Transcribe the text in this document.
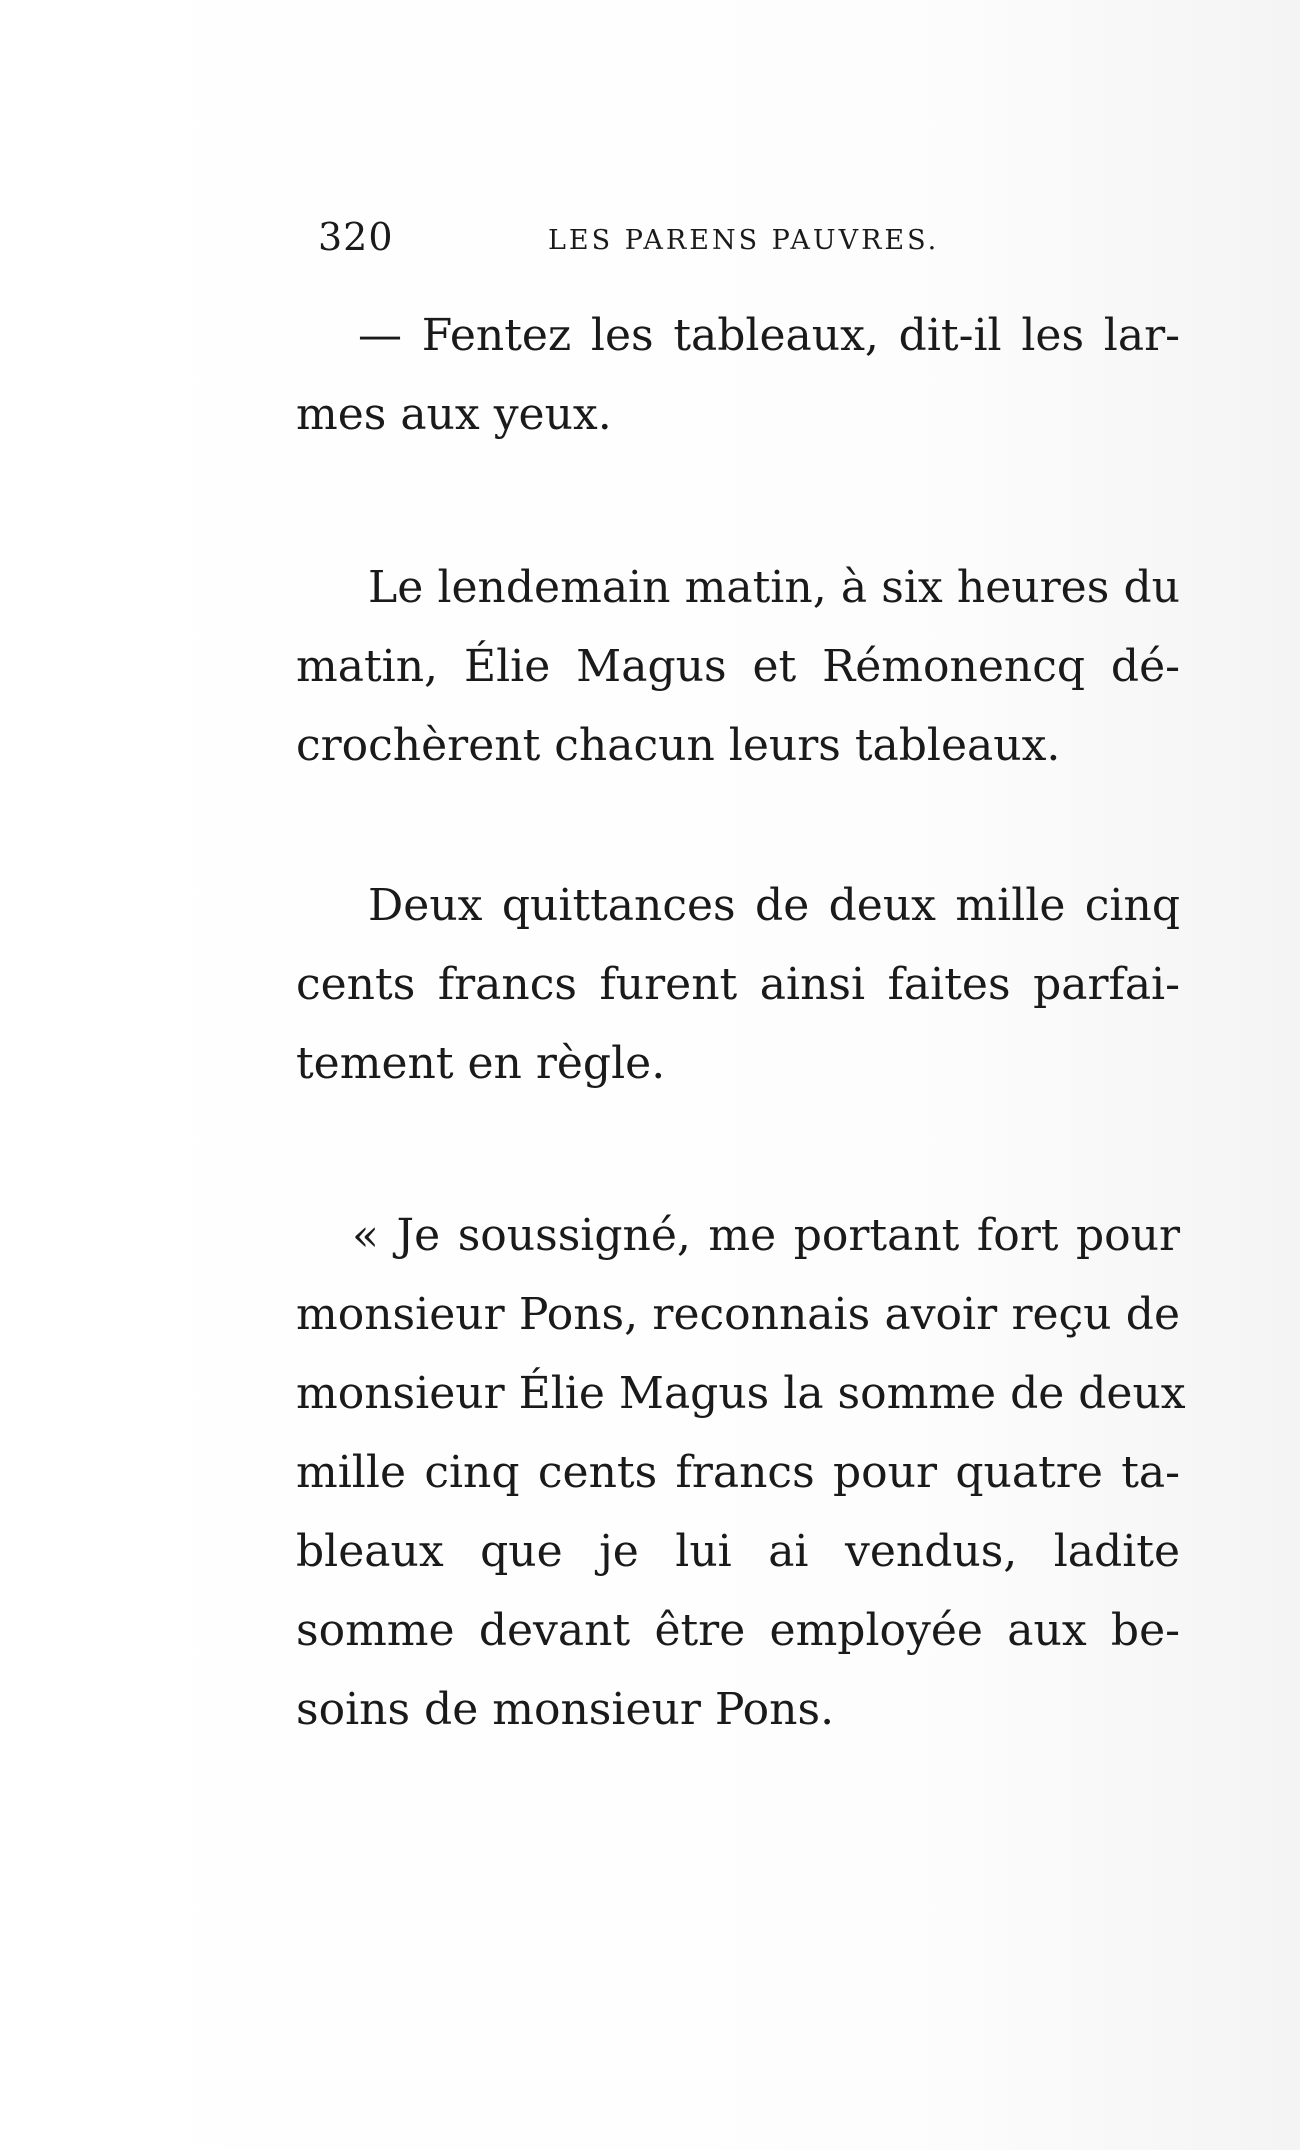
320	LES PARENS PAUVRES.
— Fentez les tableaux, dit-il les lar-
mes aux yeux.
Le lendemain matin, à six heures du
matin, Élie Magus et Rémonencq dé-
crochèrent chacun leurs tableaux.
Deux quittances de deux mille cinq
cents francs furent ainsi faites parfai-
tement en règle.
« Je soussigné, me portant fort pour
monsieur Pons, reconnais avoir reçu de
monsieur Élie Magus la somme de deux
mille cinq cents francs pour quatre ta-
bleaux que je lui ai vendus, ladite
somme devant être employée aux be-
soins de monsieur Pons.
